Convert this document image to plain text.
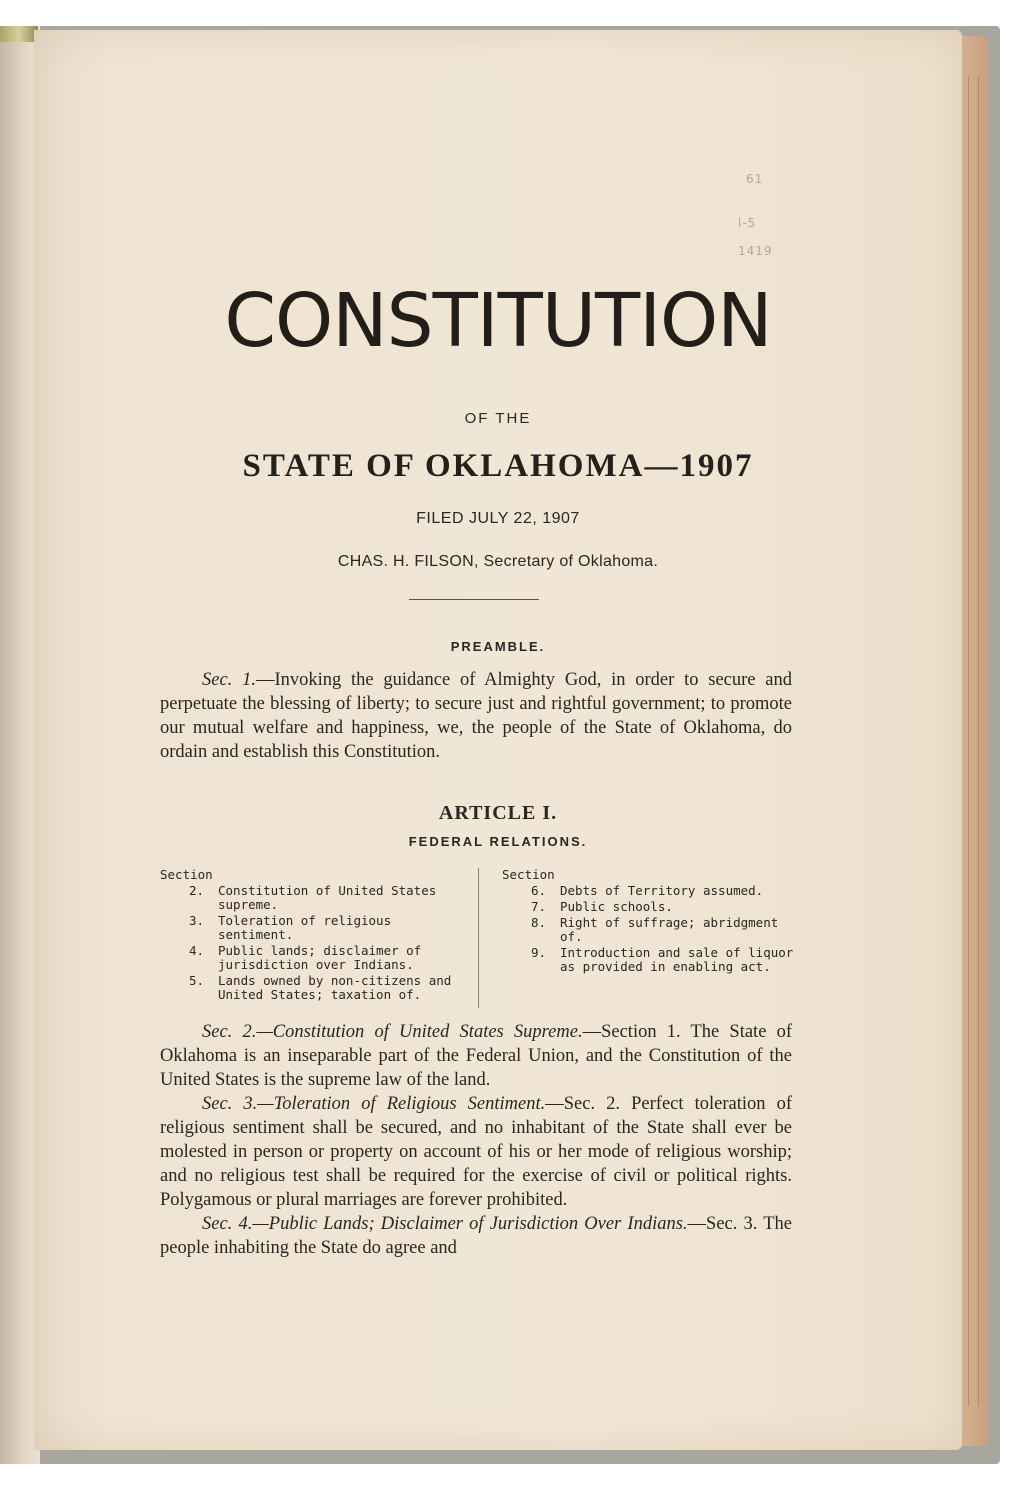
61
l-5
1419
CONSTITUTION
OF THE
STATE OF OKLAHOMA—1907
FILED JULY 22, 1907
CHAS. H. FILSON, Secretary of Oklahoma.
PREAMBLE.
Sec. 1.—Invoking the guidance of Almighty God, in order to secure and perpetuate the blessing of liberty; to secure just and rightful government; to promote our mutual welfare and happiness, we, the people of the State of Oklahoma, do ordain and establish this Constitution.
ARTICLE I.
FEDERAL RELATIONS.
Section
2.	Constitution of United States supreme.
3.	Toleration of religious sentiment.
4.	Public lands; disclaimer of jurisdiction over Indians.
5.	Lands owned by non-citizens and United States; taxation of.
Section
6.	Debts of Territory assumed.
7.	Public schools.
8.	Right of suffrage; abridgment of.
9.	Introduction and sale of liquor as provided in enabling act.
Sec. 2.—Constitution of United States Supreme.—Section 1. The State of Oklahoma is an inseparable part of the Federal Union, and the Constitution of the United States is the supreme law of the land.
Sec. 3.—Toleration of Religious Sentiment.—Sec. 2. Perfect toleration of religious sentiment shall be secured, and no inhabitant of the State shall ever be molested in person or property on account of his or her mode of religious worship; and no religious test shall be required for the exercise of civil or political rights. Polygamous or plural marriages are forever prohibited.
Sec. 4.—Public Lands; Disclaimer of Jurisdiction Over Indians.—Sec. 3. The people inhabiting the State do agree and
